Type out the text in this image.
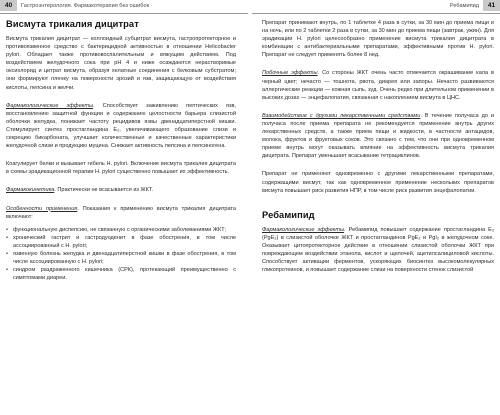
40	Гастроэнтерология. Фармакотерапия без ошибок	Ребамипид	41
Висмута трикалия дицитрат

Висмута трикалия дицитрат — коллоидный субцитрат висмута, гастропротекторное и противоязвенное средство с бактерицидной активностью в отношении Helicobacter pylori. Обладает также противовоспалительным и вяжущим действием. Под воздействием желудочного сока при рН 4 и ниже осаждаются нерастворимые оксихлорид и цитрат висмута, образуя хелатные соединения с белковым субстратом; они формируют пленку на поверхности эрозий и язв, защищающую от воздействия кислоты, пепсина и желчи.

Фармакологические эффекты. Способствует заживлению пептических язв, восстановлению защитной функции и содержанию целостности барьера слизистой оболочки желудка, понижает частоту рецидивов язвы двенадцатиперстной кишки. Стимулирует синтез простагландина E₂, увеличивающего образование слизи и секрецию бикарбоната, улучшает количественные и качественные характеристики желудочной слизи и продукцию муцина. Снижает активность пепсина и пепсиногена.

Коагулирует белки и вызывает гибель H. pylori. Включение висмута трикалия дицитрата в схемы эрадикационной терапии H. pylori существенно повышает их эффективность.

Фармакокинетика. Практически не всасывается из ЖКТ.

Особенности применения. Показания к применению висмута трикалия дицитрата включают:

• функциональную диспепсию, не связанную с органическими заболеваниями ЖКТ;
• хронический гастрит и гастродуоденит в фазе обострения, в том числе ассоциированный с H. pylori;
• язвенную болезнь желудка и двенадцатиперстной кишки в фазе обострения, в том числе ассоциированную с H. pylori;
• синдром раздраженного кишечника (СРК), протекающий преимущественно с симптомами диареи.

Препарат принимают внутрь, по 1 таблетке 4 раза в сутки, за 30 мин до приема пищи и на ночь, или по 2 таблетки 2 раза в сутки, за 30 мин до приема пищи (завтрак, ужин). Для эрадикации H. pylori целесообразно применение висмута трикалия дицитрата в комбинации с антибактериальными препаратами, эффективными против H. pylori. Препарат не следует применять более 8 нед.

Побочные эффекты. Со стороны ЖКТ очень часто отмечается окрашивание кала в черный цвет; нечасто — тошнота, рвота, диарея или запоры. Нечасто развиваются аллергические реакции — кожная сыпь, зуд. Очень редко при длительном применении в высоких дозах — энцефалопатия, связанная с накоплением висмута в ЦНС.

Взаимодействие с другими лекарственными средствами. В течение получаса до и получаса после приема препарата не рекомендуется применение внутрь других лекарственных средств, а также прием пищи и жидкости, в частности антацидов, молока, фруктов и фруктовых соков. Это связано с тем, что они при одновременном приеме внутрь могут оказывать влияние на эффективность висмута трикалия дицитрата. Препарат уменьшает всасывание тетрациклинов.

Препарат не применяют одновременно с другими лекарственными препаратами, содержащими висмут, так как одновременное применение нескольких препаратов висмута повышает риск развития НПР, в том числе риск развития энцефалопатии.

Ребамипид

Фармакологические эффекты. Ребамипид повышает содержание простагландина E₂ (PgE₂) в слизистой оболочке ЖКТ и простагландинов PgE₂ и PgI₂ в желудочном соке. Оказывает цитопротекторное действие в отношении слизистой оболочки ЖКТ при повреждающем воздействии этанола, кислот и щелочей, ацетилсалициловой кислоты. Способствует активации ферментов, ускоряющих биосинтез высокомолекулярных гликопротеинов, и повышает содержание слизи на поверхности стенок слизистой
